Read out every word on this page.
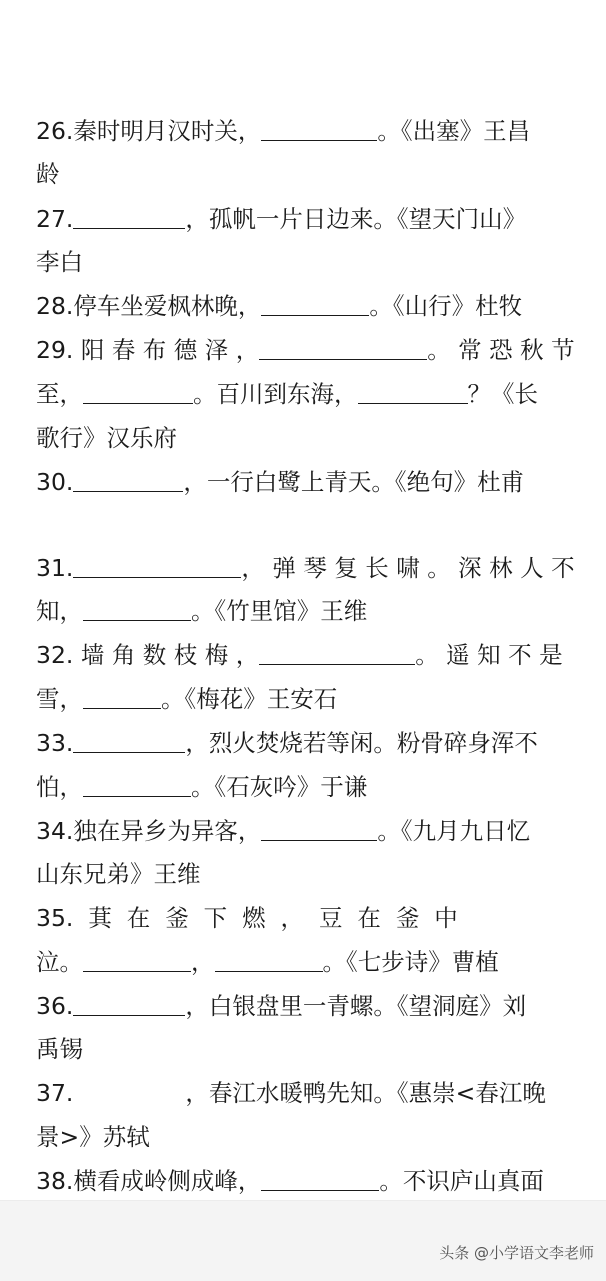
26.秦时明月汉时关，	。《出塞》王昌
龄
27.	，孤帆一片日边来。《望天门山》
李白
28.停车坐爱枫林晚，	。《山行》杜牧
29. 阳 春 布 德 泽 ，	。 常 恐 秋 节
至，	。百川到东海，	？《长
歌行》汉乐府
30.	，一行白鹭上青天。《绝句》杜甫
31.	， 弹 琴 复 长 啸 。 深 林 人 不
知，	。《竹里馆》王维
32. 墙 角 数 枝 梅 ，	。 遥 知 不 是
雪，	。《梅花》王安石
33.	，烈火焚烧若等闲。粉骨碎身浑不
怕，	。《石灰吟》于谦
34.独在异乡为异客，	。《九月九日忆
山东兄弟》王维
35.  萁  在  釜  下  燃  ，  豆  在  釜  中
泣。	，	。《七步诗》曹植
36.	，白银盘里一青螺。《望洞庭》刘
禹锡
37.	，春江水暖鸭先知。《惠崇<春江晚
景>》苏轼
38.横看成岭侧成峰，	。不识庐山真面
头条 @小学语文李老师
